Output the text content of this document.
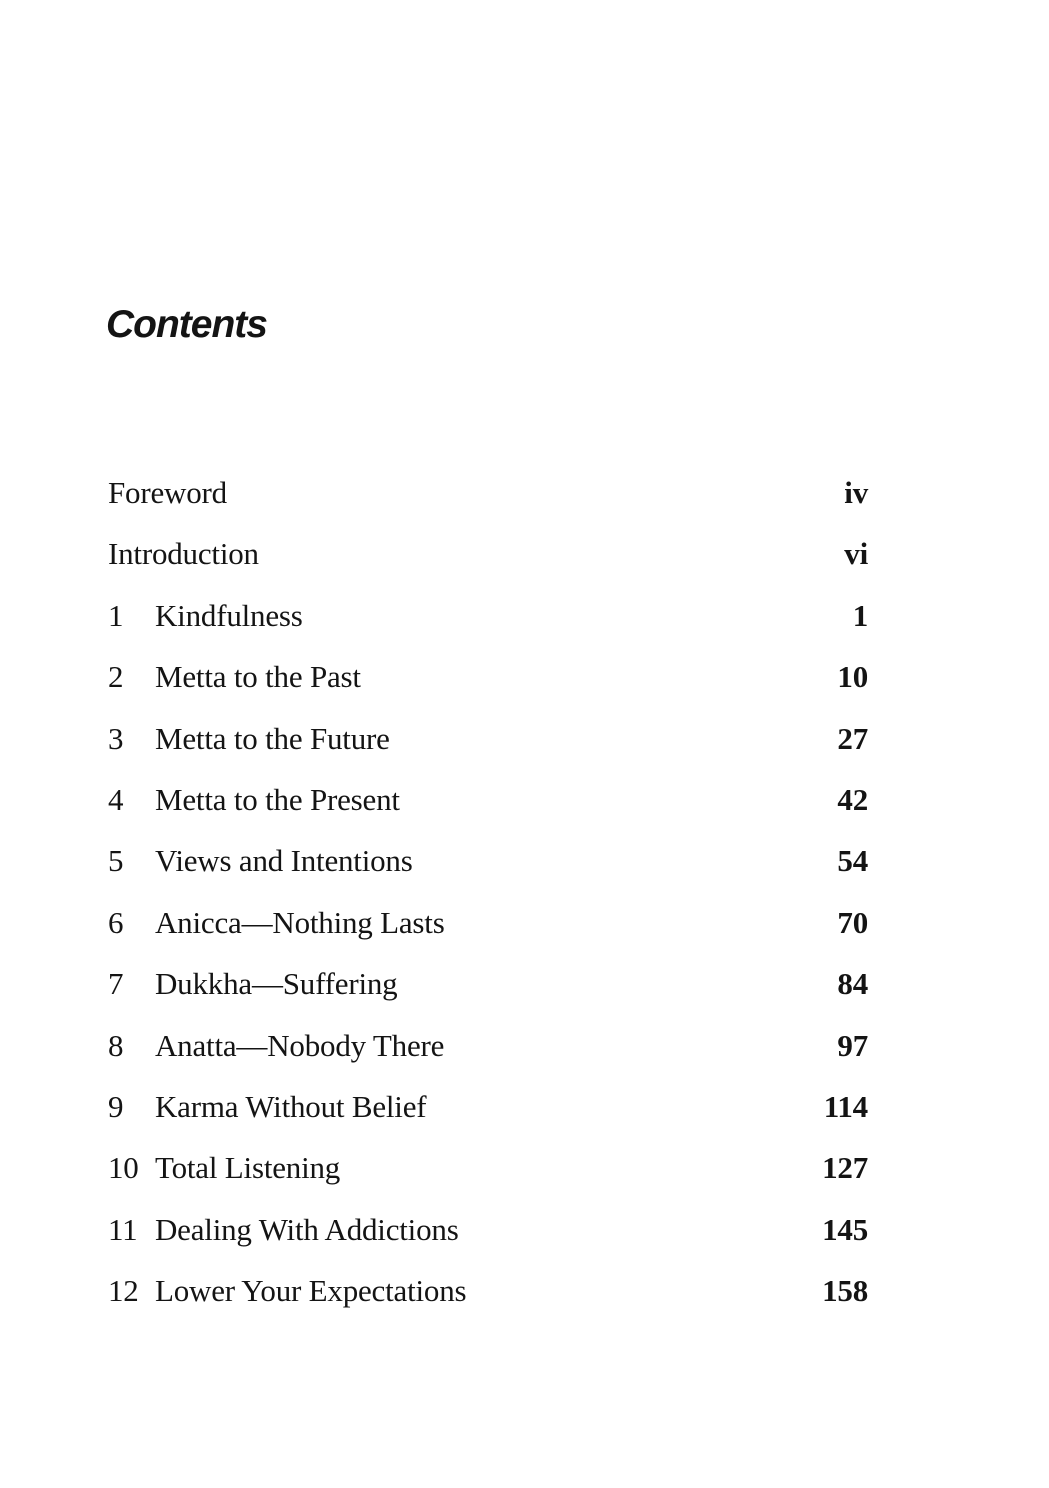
Contents
Foreword	iv
Introduction	vi
1	Kindfulness	1
2	Metta to the Past	10
3	Metta to the Future	27
4	Metta to the Present	42
5	Views and Intentions	54
6	Anicca—Nothing Lasts	70
7	Dukkha—Suffering	84
8	Anatta—Nobody There	97
9	Karma Without Belief	114
10 Total Listening	127
11 Dealing With Addictions	145
12 Lower Your Expectations	158
